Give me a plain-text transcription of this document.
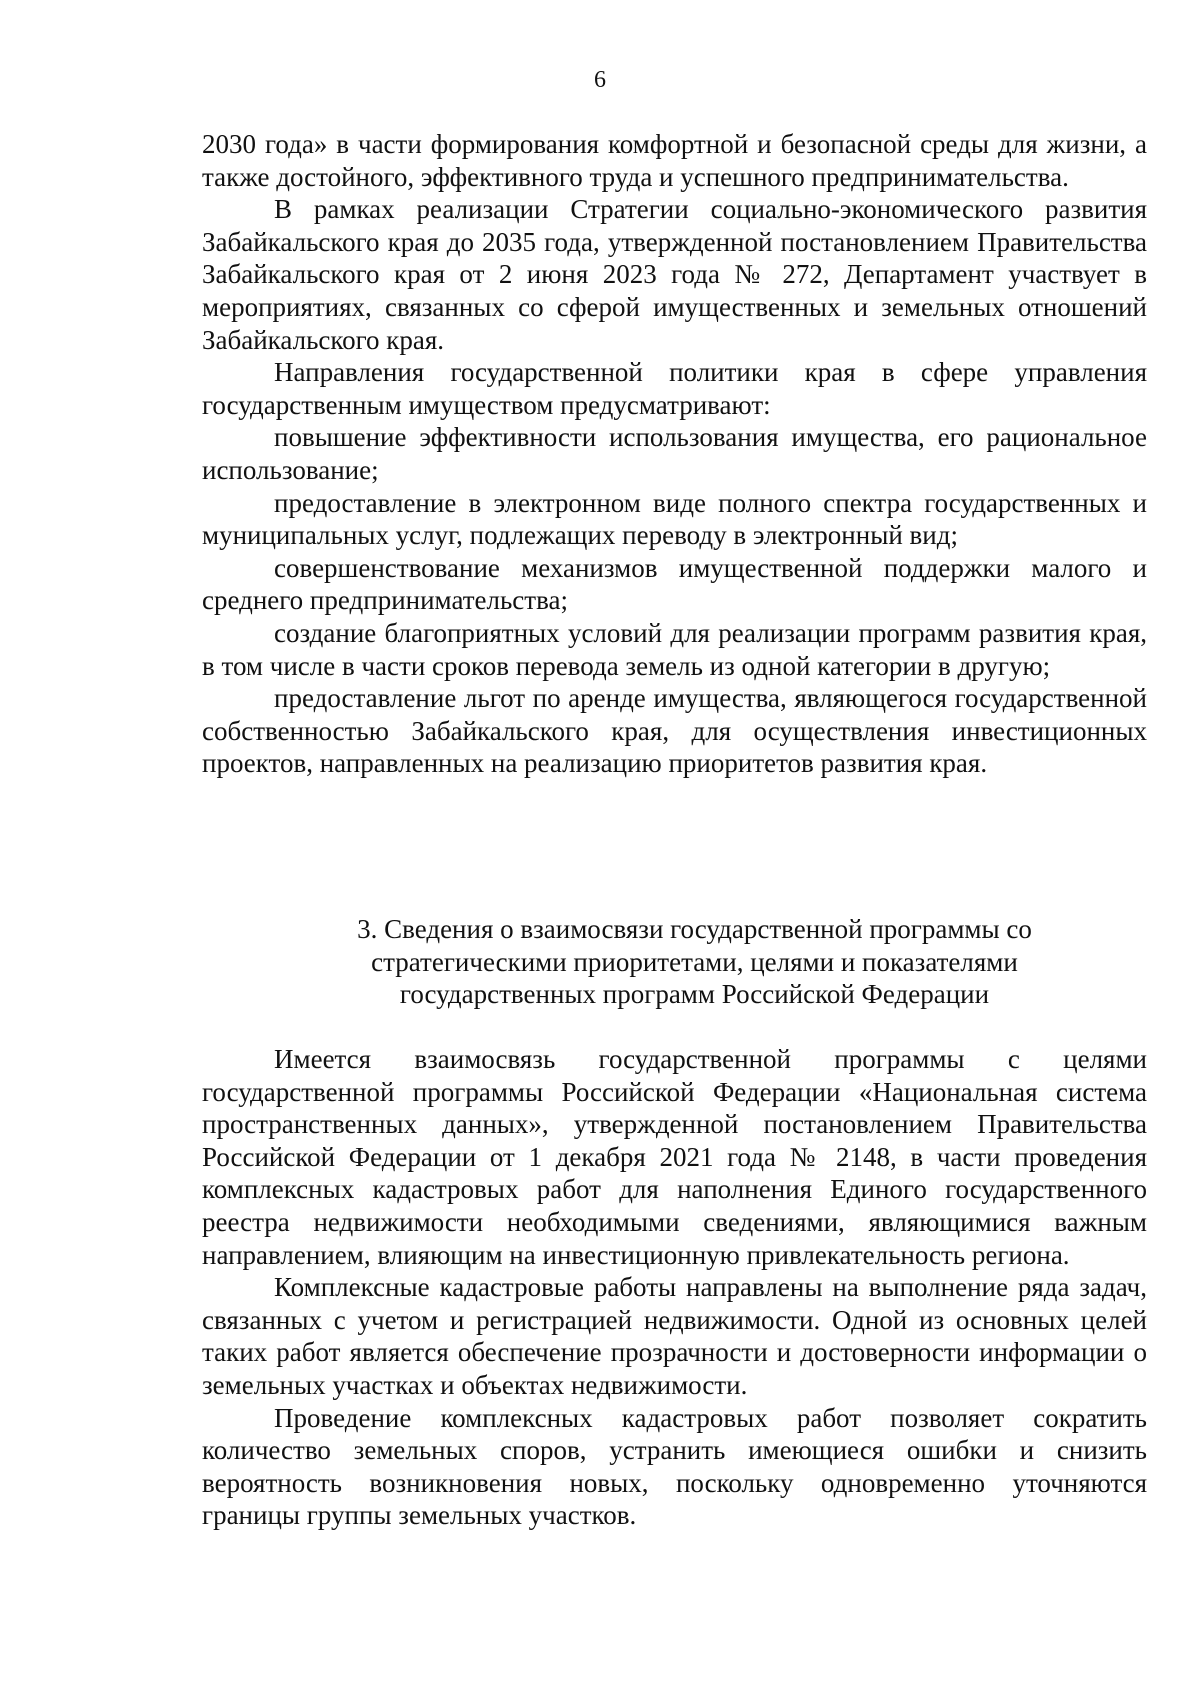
6

2030 года» в части формирования комфортной и безопасной среды для жизни, а также достойного, эффективного труда и успешного предпринимательства.

В рамках реализации Стратегии социально-экономического развития Забайкальского края до 2035 года, утвержденной постановлением Правительства Забайкальского края от 2 июня 2023 года № 272, Департамент участвует в мероприятиях, связанных со сферой имущественных и земельных отношений Забайкальского края.

Направления государственной политики края в сфере управления государственным имуществом предусматривают:

повышение эффективности использования имущества, его рациональное использование;

предоставление в электронном виде полного спектра государственных и муниципальных услуг, подлежащих переводу в электронный вид;

совершенствование механизмов имущественной поддержки малого и среднего предпринимательства;

создание благоприятных условий для реализации программ развития края, в том числе в части сроков перевода земель из одной категории в другую;

предоставление льгот по аренде имущества, являющегося государственной собственностью Забайкальского края, для осуществления инвестиционных проектов, направленных на реализацию приоритетов развития края.

3. Сведения о взаимосвязи государственной программы со
стратегическими приоритетами, целями и показателями
государственных программ Российской Федерации

Имеется взаимосвязь государственной программы с целями государственной программы Российской Федерации «Национальная система пространственных данных», утвержденной постановлением Правительства Российской Федерации от 1 декабря 2021 года № 2148, в части проведения комплексных кадастровых работ для наполнения Единого государственного реестра недвижимости необходимыми сведениями, являющимися важным направлением, влияющим на инвестиционную привлекательность региона.

Комплексные кадастровые работы направлены на выполнение ряда задач, связанных с учетом и регистрацией недвижимости. Одной из основных целей таких работ является обеспечение прозрачности и достоверности информации о земельных участках и объектах недвижимости.

Проведение комплексных кадастровых работ позволяет сократить количество земельных споров, устранить имеющиеся ошибки и снизить вероятность возникновения новых, поскольку одновременно уточняются границы группы земельных участков.
